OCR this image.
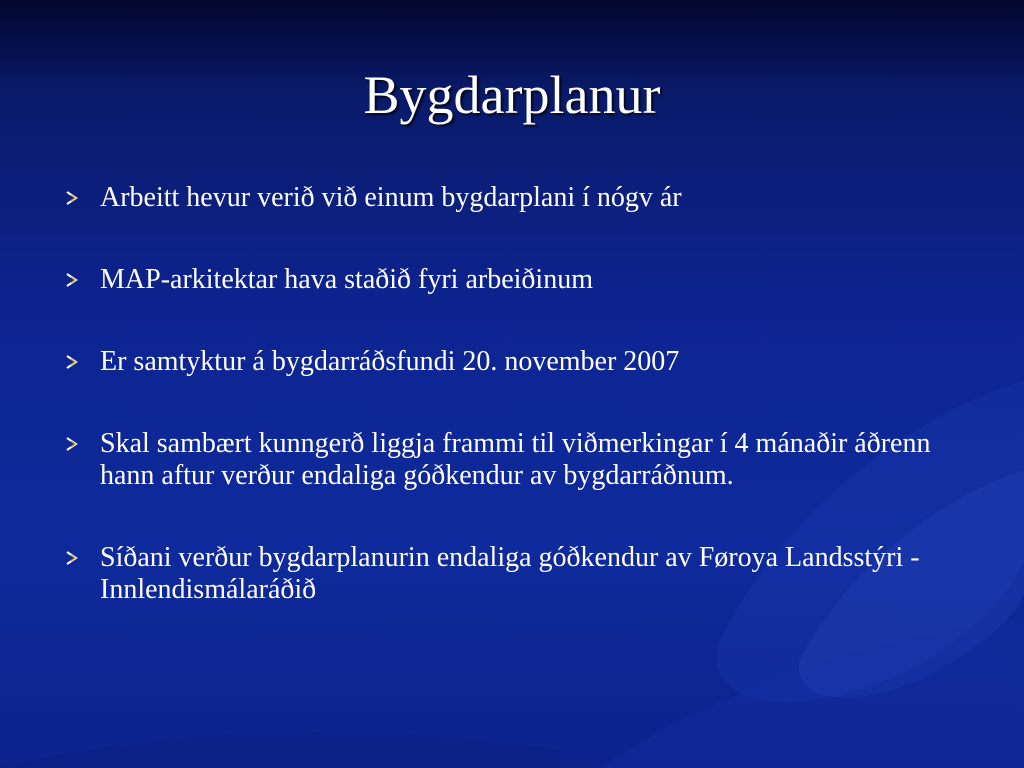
Bygdarplanur
Arbeitt hevur verið við einum bygdarplani í nógv ár
MAP-arkitektar hava staðið fyri arbeiðinum
Er samtyktur á bygdarráðsfundi 20. november 2007
Skal sambært kunngerð liggja frammi til viðmerkingar í 4 mánaðir áðrenn hann aftur verður endaliga góðkendur av bygdarráðnum.
Síðani verður bygdarplanurin endaliga góðkendur av Føroya Landsstýri - Innlendismálaráðið
